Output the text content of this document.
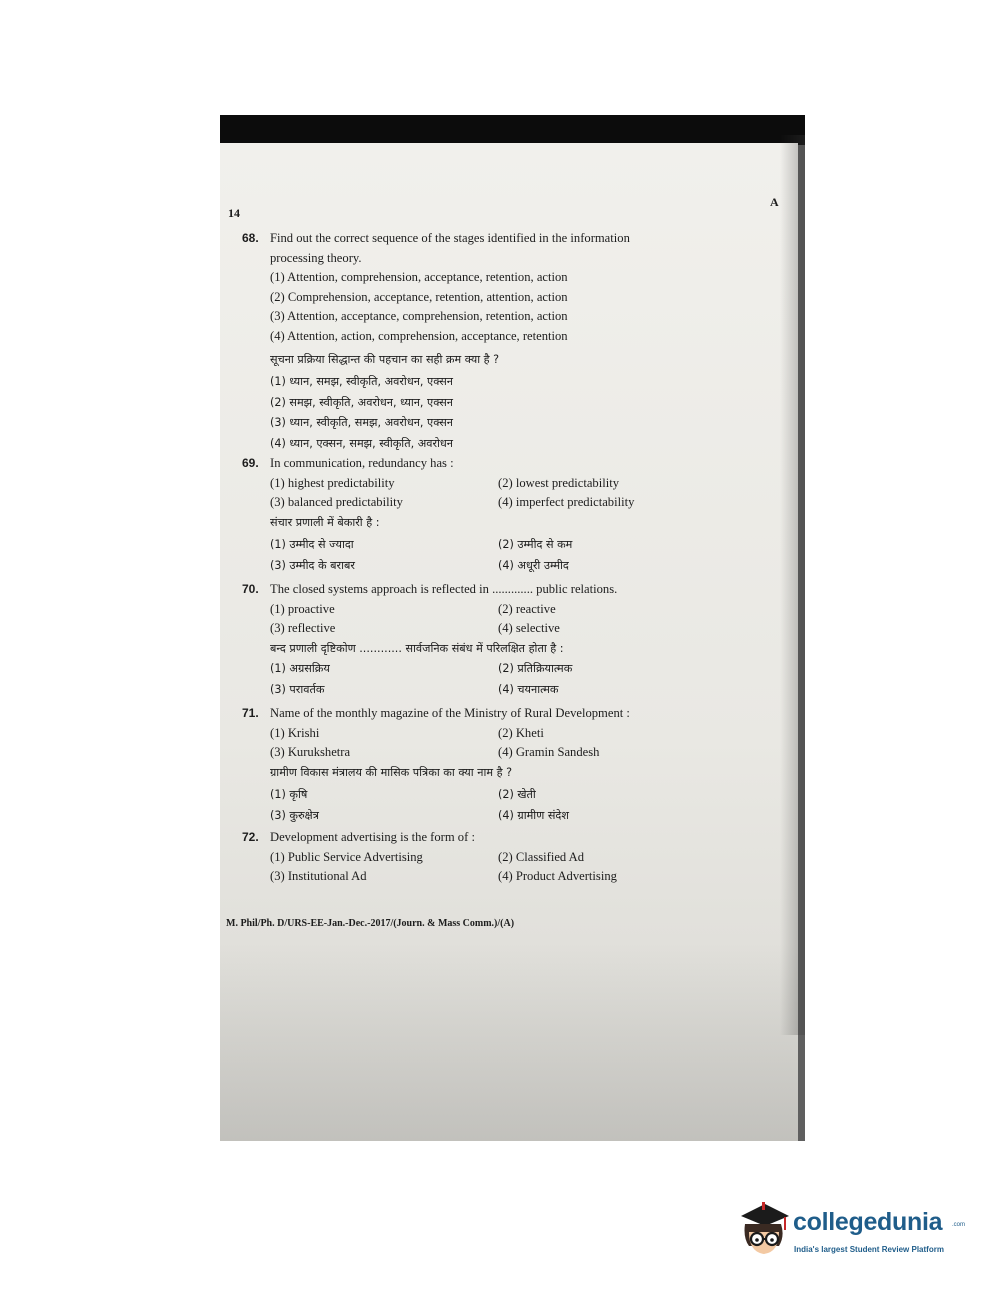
14
A
68. Find out the correct sequence of the stages identified in the information
processing theory.
(1) Attention, comprehension, acceptance, retention, action
(2) Comprehension, acceptance, retention, attention, action
(3) Attention, acceptance, comprehension, retention, action
(4) Attention, action, comprehension, acceptance, retention
सूचना प्रक्रिया सिद्धान्त की पहचान का सही क्रम क्या है ?
(1) ध्यान, समझ, स्वीकृति, अवरोधन, एक्सन
(2) समझ, स्वीकृति, अवरोधन, ध्यान, एक्सन
(3) ध्यान, स्वीकृति, समझ, अवरोधन, एक्सन
(4) ध्यान, एक्सन, समझ, स्वीकृति, अवरोधन
69. In communication, redundancy has :
(1) highest predictability	(2) lowest predictability
(3) balanced predictability	(4) imperfect predictability
संचार प्रणाली में बेकारी है :
(1) उम्मीद से ज्यादा	(2) उम्मीद से कम
(3) उम्मीद के बराबर	(4) अधूरी उम्मीद
70. The closed systems approach is reflected in ............. public relations.
(1) proactive	(2) reactive
(3) reflective	(4) selective
बन्द प्रणाली दृष्टिकोण ............ सार्वजनिक संबंध में परिलक्षित होता है :
(1) अग्रसक्रिय	(2) प्रतिक्रियात्मक
(3) परावर्तक	(4) चयनात्मक
71. Name of the monthly magazine of the Ministry of Rural Development :
(1) Krishi	(2) Kheti
(3) Kurukshetra	(4) Gramin Sandesh
ग्रामीण विकास मंत्रालय की मासिक पत्रिका का क्या नाम है ?
(1) कृषि	(2) खेती
(3) कुरुक्षेत्र	(4) ग्रामीण संदेश
72. Development advertising is the form of :
(1) Public Service Advertising	(2) Classified Ad
(3) Institutional Ad	(4) Product Advertising
M. Phil/Ph. D/URS-EE-Jan.-Dec.-2017/(Journ. & Mass Comm.)/(A)
collegedunia .com
India's largest Student Review Platform
